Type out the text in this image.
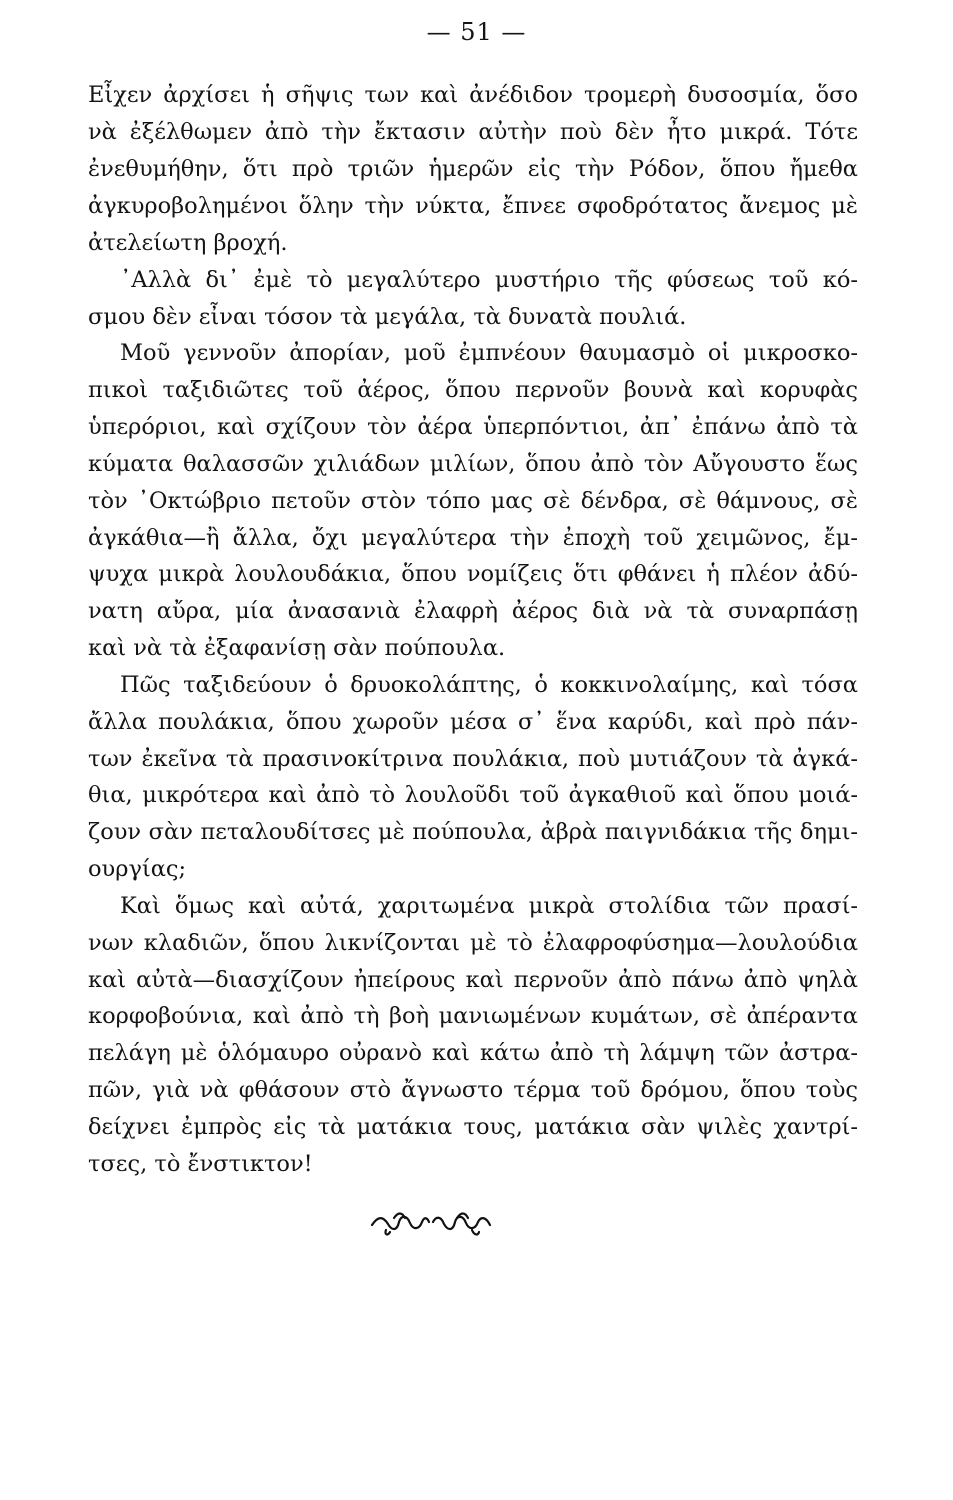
— 51 —
Εἶχεν ἀρχίσει ἡ σῆψις των καὶ ἀνέδιδον τρομερὴ δυσοσμία, ὅσο
νὰ ἐξέλθωμεν ἀπὸ τὴν ἔκτασιν αὐτὴν ποὺ δὲν ἦτο μικρά. Τότε
ἐνεθυμήθην, ὅτι πρὸ τριῶν ἡμερῶν εἰς τὴν Ρόδον, ὅπου ἤμεθα
ἀγκυροβολημένοι ὅλην τὴν νύκτα, ἔπνεε σφοδρότατος ἄνεμος μὲ
ἀτελείωτη βροχή.
᾿Αλλὰ δι᾿ ἐμὲ τὸ μεγαλύτερο μυστήριο τῆς φύσεως τοῦ κό-
σμου δὲν εἶναι τόσον τὰ μεγάλα, τὰ δυνατὰ πουλιά.
Μοῦ γεννοῦν ἀπορίαν, μοῦ ἐμπνέουν θαυμασμὸ οἱ μικροσκο-
πικοὶ ταξιδιῶτες τοῦ ἀέρος, ὅπου περνοῦν βουνὰ καὶ κορυφὰς
ὑπερόριοι, καὶ σχίζουν τὸν ἀέρα ὑπερπόντιοι, ἀπ᾿ ἐπάνω ἀπὸ τὰ
κύματα θαλασσῶν χιλιάδων μιλίων, ὅπου ἀπὸ τὸν Αὔγουστο ἕως
τὸν ᾿Οκτώβριο πετοῦν στὸν τόπο μας σὲ δένδρα, σὲ θάμνους, σὲ
ἀγκάθια—ἢ ἄλλα, ὄχι μεγαλύτερα τὴν ἐποχὴ τοῦ χειμῶνος, ἔμ-
ψυχα μικρὰ λουλουδάκια, ὅπου νομίζεις ὅτι φθάνει ἡ πλέον ἀδύ-
νατη αὔρα, μία ἀνασανιὰ ἐλαφρὴ ἀέρος διὰ νὰ τὰ συναρπάσῃ
καὶ νὰ τὰ ἐξαφανίσῃ σὰν πούπουλα.
Πῶς ταξιδεύουν ὁ δρυοκολάπτης, ὁ κοκκινολαίμης, καὶ τόσα
ἄλλα πουλάκια, ὅπου χωροῦν μέσα σ᾿ ἕνα καρύδι, καὶ πρὸ πάν-
των ἐκεῖνα τὰ πρασινοκίτρινα πουλάκια, ποὺ μυτιάζουν τὰ ἀγκά-
θια, μικρότερα καὶ ἀπὸ τὸ λουλοῦδι τοῦ ἀγκαθιοῦ καὶ ὅπου μοιά-
ζουν σὰν πεταλουδίτσες μὲ πούπουλα, ἀβρὰ παιγνιδάκια τῆς δημι-
ουργίας;
Καὶ ὅμως καὶ αὐτά, χαριτωμένα μικρὰ στολίδια τῶν πρασί-
νων κλαδιῶν, ὅπου λικνίζονται μὲ τὸ ἐλαφροφύσημα—λουλούδια
καὶ αὐτὰ—διασχίζουν ἠπείρους καὶ περνοῦν ἀπὸ πάνω ἀπὸ ψηλὰ
κορφοβούνια, καὶ ἀπὸ τὴ βοὴ μανιωμένων κυμάτων, σὲ ἀπέραντα
πελάγη μὲ ὁλόμαυρο οὐρανὸ καὶ κάτω ἀπὸ τὴ λάμψη τῶν ἀστρα-
πῶν, γιὰ νὰ φθάσουν στὸ ἄγνωστο τέρμα τοῦ δρόμου, ὅπου τοὺς
δείχνει ἐμπρὸς εἰς τὰ ματάκια τους, ματάκια σὰν ψιλὲς χαντρί-
τσες, τὸ ἔνστικτον!
